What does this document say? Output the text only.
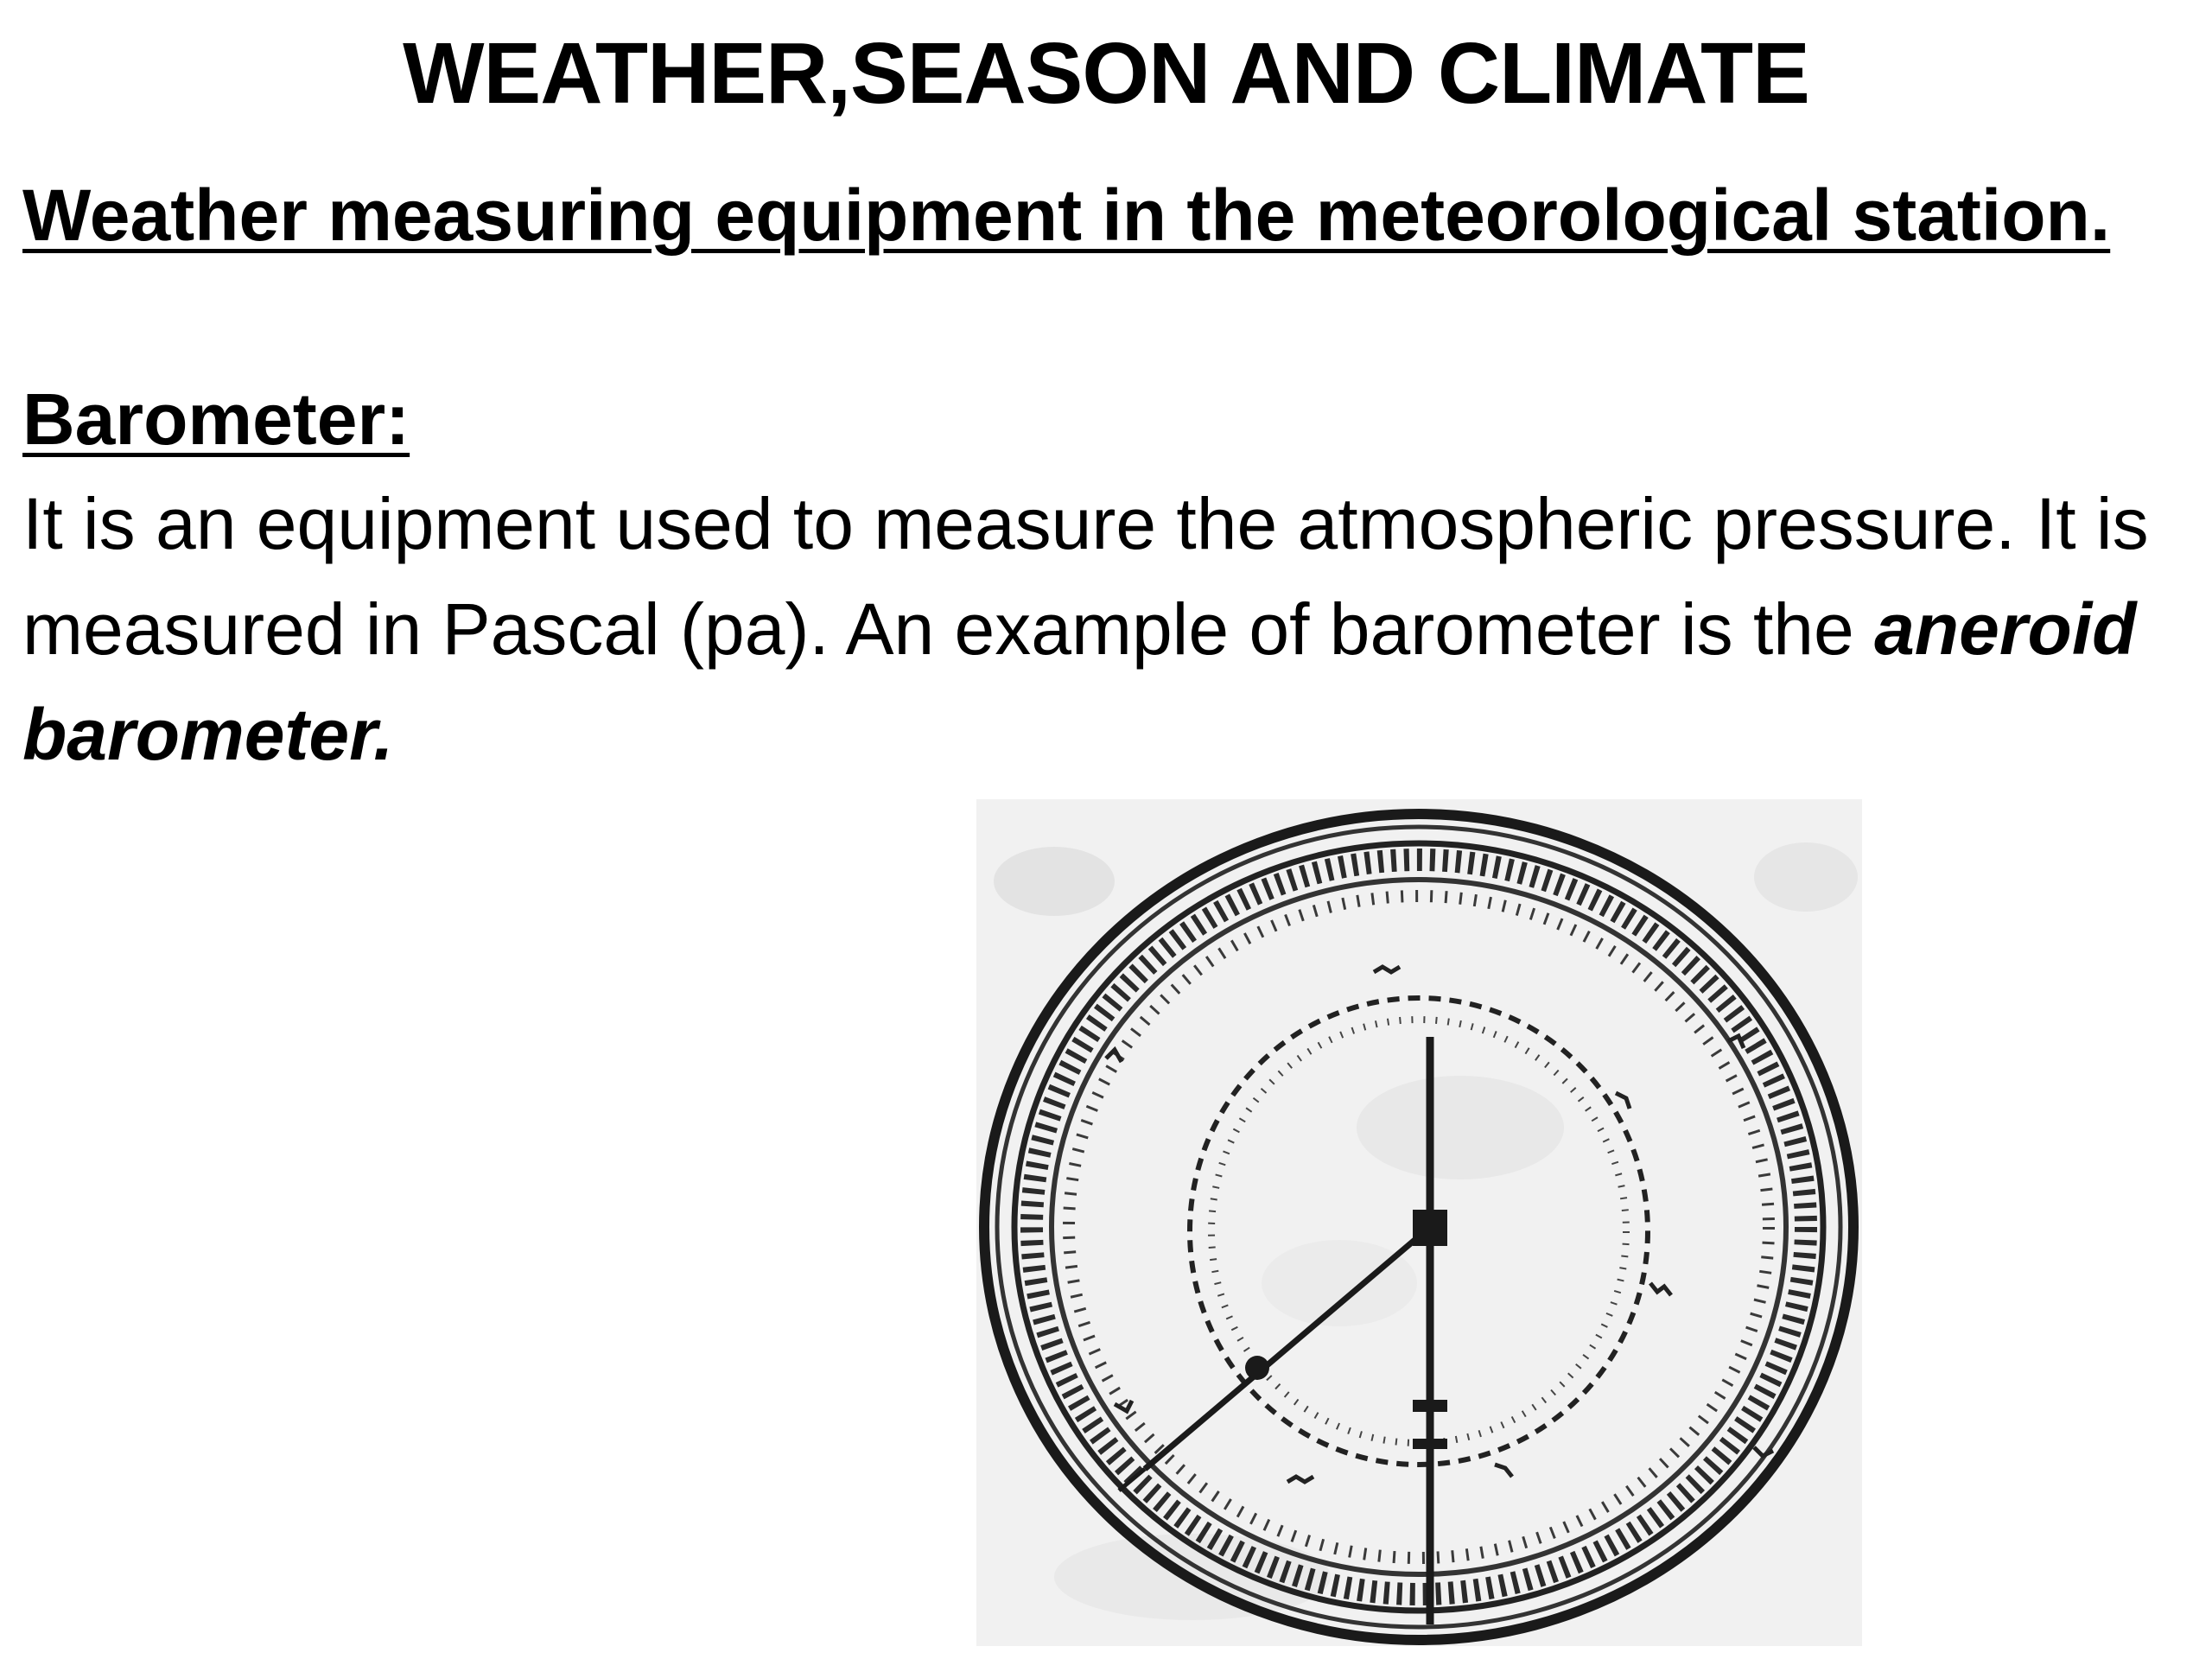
WEATHER,SEASON AND CLIMATE

Weather measuring equipment in the meteorological station.

Barometer:

It is an equipment used to measure the atmospheric pressure. It is measured in Pascal (pa). An example of barometer is the aneroid barometer.
